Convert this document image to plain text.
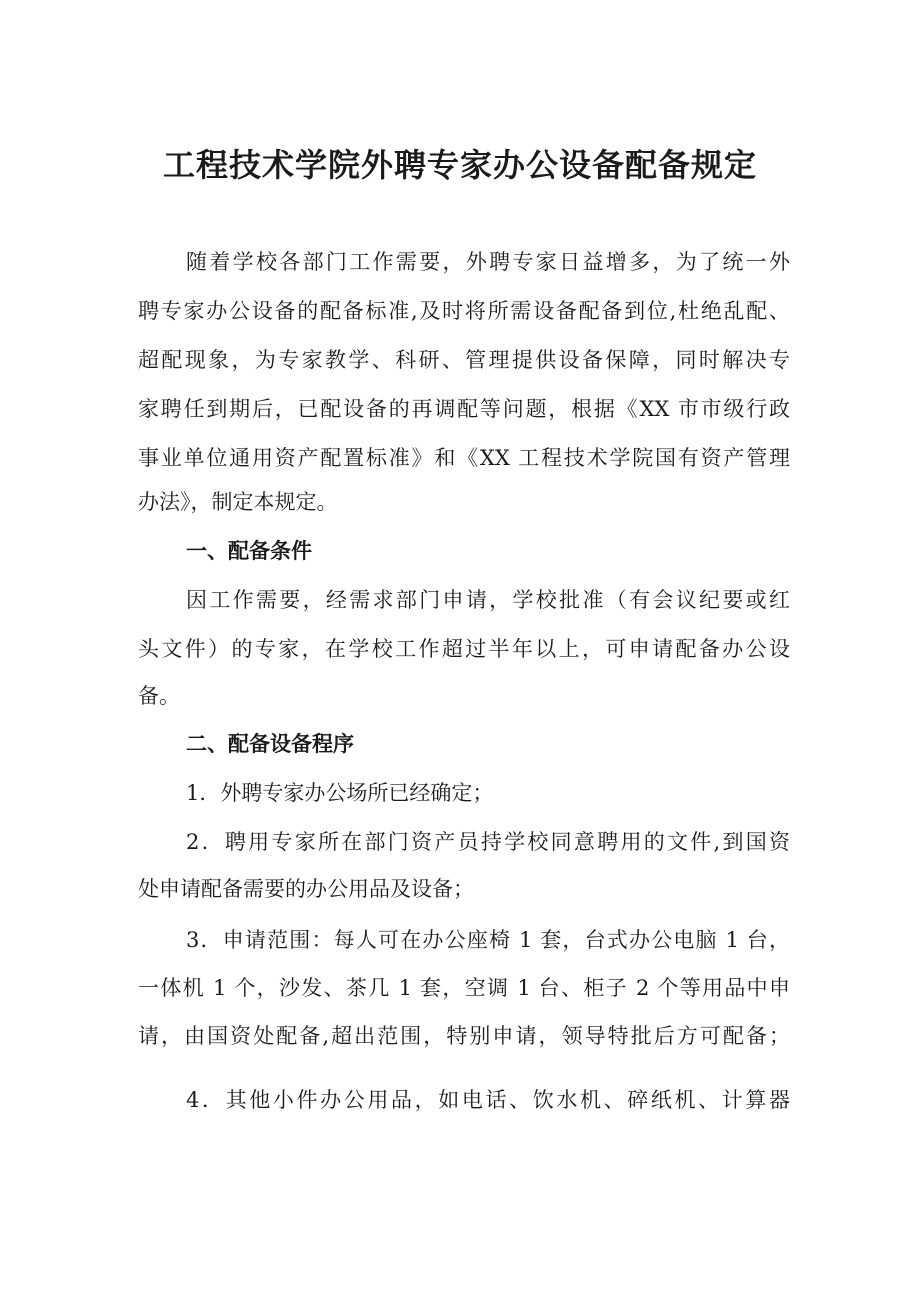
工程技术学院外聘专家办公设备配备规定
随着学校各部门工作需要，外聘专家日益增多，为了统一外
聘专家办公设备的配备标准,及时将所需设备配备到位,杜绝乱配、
超配现象，为专家教学、科研、管理提供设备保障，同时解决专
家聘任到期后，已配设备的再调配等问题，根据《XX 市市级行政
事业单位通用资产配置标准》和《XX 工程技术学院国有资产管理
办法》，制定本规定。
一、配备条件
因工作需要，经需求部门申请，学校批准（有会议纪要或红
头文件）的专家，在学校工作超过半年以上，可申请配备办公设
备。
二、配备设备程序
1．外聘专家办公场所已经确定；
2．聘用专家所在部门资产员持学校同意聘用的文件,到国资
处申请配备需要的办公用品及设备；
3．申请范围：每人可在办公座椅 1 套，台式办公电脑 1 台，
一体机 1 个，沙发、茶几 1 套，空调 1 台、柜子 2 个等用品中申
请，由国资处配备,超出范围，特别申请，领导特批后方可配备；
4．其他小件办公用品，如电话、饮水机、碎纸机、计算器
